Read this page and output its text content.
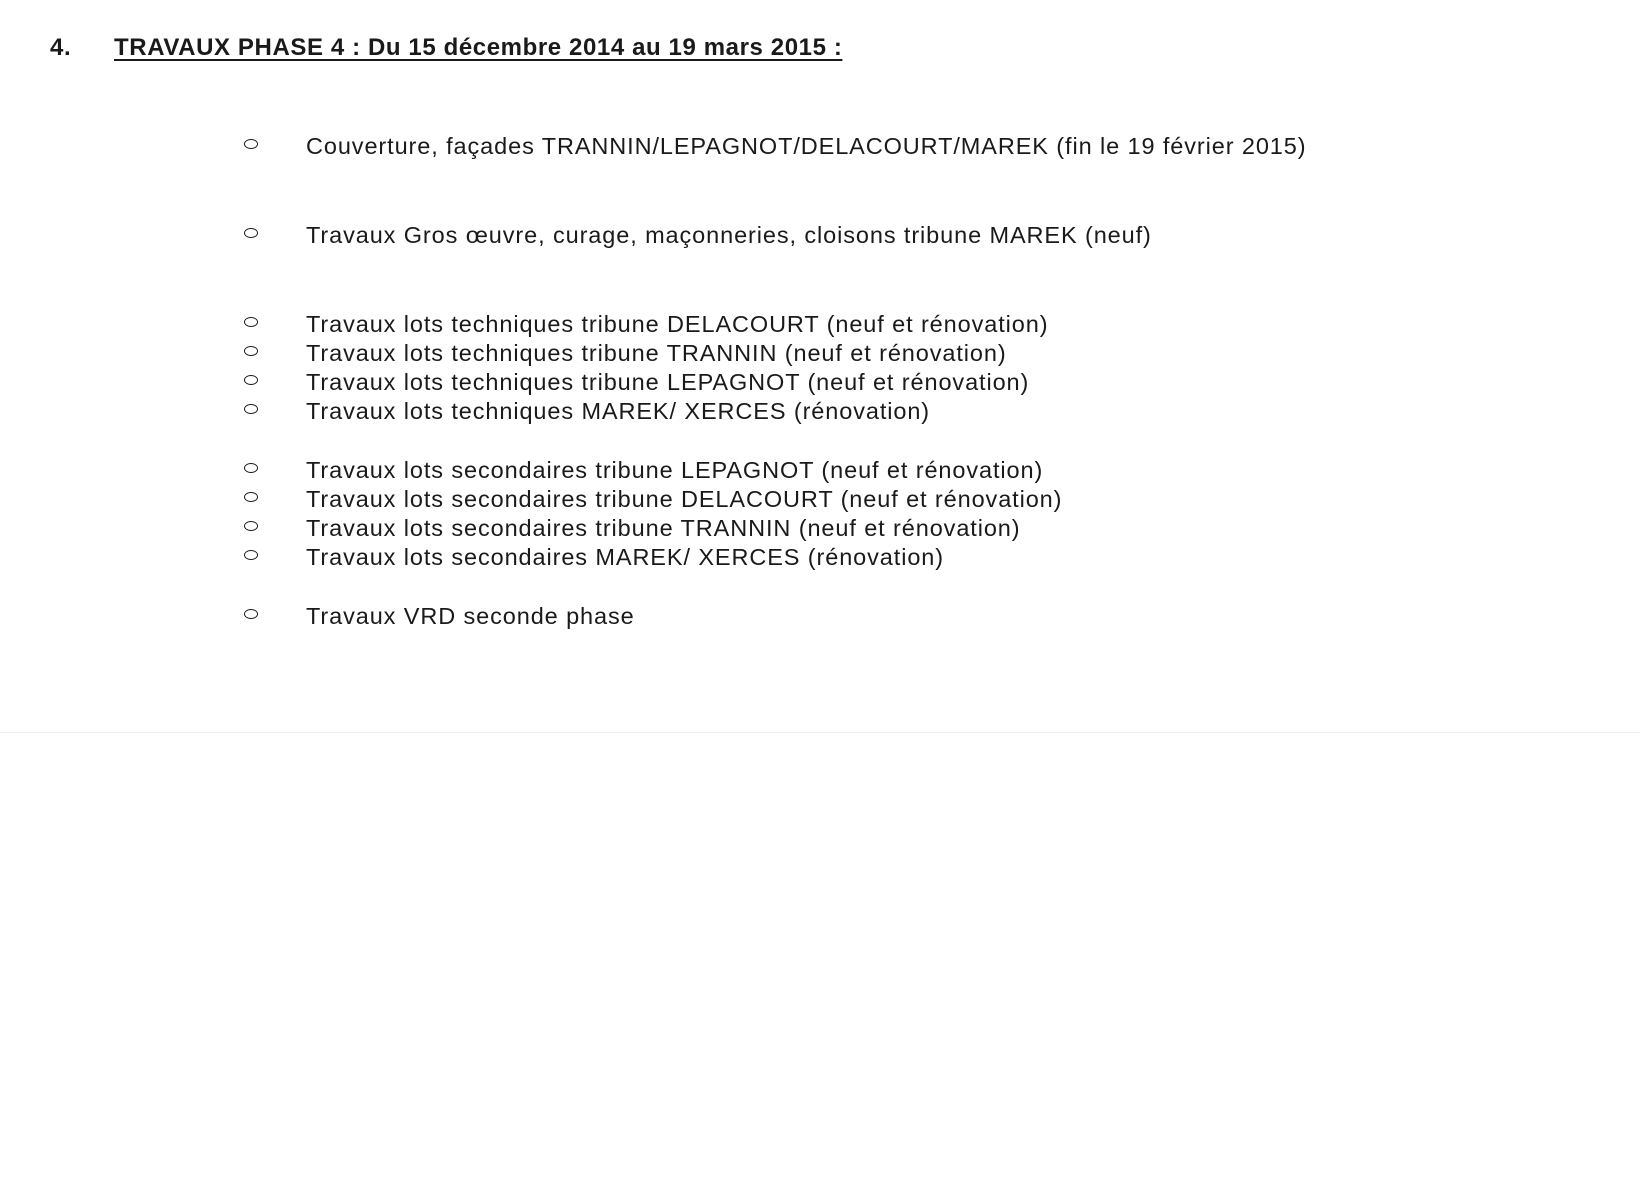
4. TRAVAUX PHASE 4 : Du 15 décembre 2014 au 19 mars 2015 :
Couverture, façades TRANNIN/LEPAGNOT/DELACOURT/MAREK (fin le 19 février 2015)
Travaux Gros œuvre, curage, maçonneries, cloisons tribune MAREK (neuf)
Travaux lots techniques tribune DELACOURT (neuf et rénovation)
Travaux lots techniques tribune TRANNIN (neuf et rénovation)
Travaux lots techniques tribune LEPAGNOT (neuf et rénovation)
Travaux lots techniques MAREK/ XERCES (rénovation)
Travaux lots secondaires tribune LEPAGNOT (neuf et rénovation)
Travaux lots secondaires tribune DELACOURT (neuf et rénovation)
Travaux lots secondaires tribune TRANNIN (neuf et rénovation)
Travaux lots secondaires MAREK/ XERCES (rénovation)
Travaux VRD seconde phase
